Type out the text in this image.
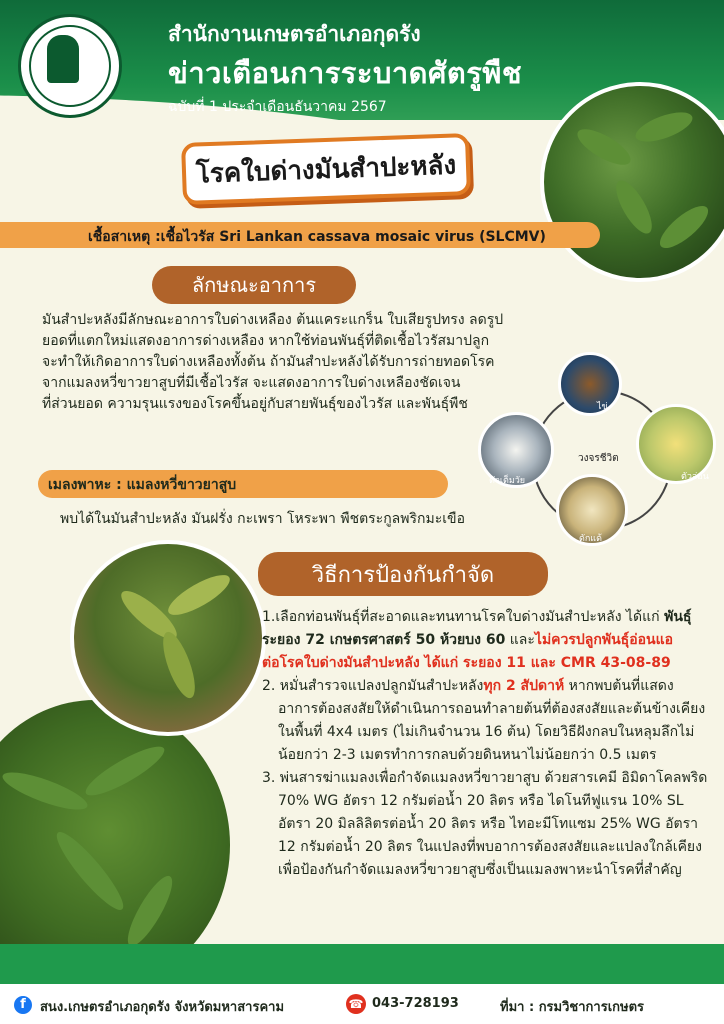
สำนักงานเกษตรอำเภอกุดรัง
ข่าวเตือนการระบาดศัตรูพืช
ฉบับที่ 1 ประจำเดือนธันวาคม 2567
โรคใบด่างมันสำปะหลัง
เชื้อสาเหตุ :เชื้อไวรัส Sri Lankan cassava mosaic virus (SLCMV)
ลักษณะอาการ
มันสำปะหลังมีลักษณะอาการใบด่างเหลือง ต้นแคระแกร็น ใบเสียรูปทรง ลดรูป
ยอดที่แตกใหม่แสดงอาการด่างเหลือง หากใช้ท่อนพันธุ์ที่ติดเชื้อไวรัสมาปลูก
จะทำให้เกิดอาการใบด่างเหลืองทั้งต้น ถ้ามันสำปะหลังได้รับการถ่ายทอดโรค
จากแมลงหวี่ขาวยาสูบที่มีเชื้อไวรัส จะแสดงอาการใบด่างเหลืองชัดเจน
ที่ส่วนยอด ความรุนแรงของโรคขึ้นอยู่กับสายพันธุ์ของไวรัส และพันธุ์พืช	ไข่
ตัวอ่อน
ดักแด้
ตัวเต็มวัย
วงจรชีวิต
เมลงพาหะ : แมลงหวี่ขาวยาสูบ
พบได้ในมันสำปะหลัง มันฝรั่ง กะเพรา โหระพา พืชตระกูลพริกมะเขือ
วิธีการป้องกันกำจัด
1.เลือกท่อนพันธุ์ที่สะอาดและทนทานโรคใบด่างมันสำปะหลัง ได้แก่ พันธุ์
ระยอง 72 เกษตรศาสตร์ 50 ห้วยบง 60 และไม่ควรปลูกพันธุ์อ่อนแอ
ต่อโรคใบด่างมันสำปะหลัง ได้แก่ ระยอง 11 และ CMR 43-08-89
2. หมั่นสำรวจแปลงปลูกมันสำปะหลังทุก 2 สัปดาห์ หากพบต้นที่แสดง
อาการต้องสงสัยให้ดำเนินการถอนทำลายต้นที่ต้องสงสัยและต้นข้างเคียง
ในพื้นที่ 4x4 เมตร (ไม่เกินจำนวน 16 ต้น) โดยวิธีฝังกลบในหลุมลึกไม่
น้อยกว่า 2-3 เมตรทำการกลบด้วยดินหนาไม่น้อยกว่า 0.5 เมตร
3. พ่นสารฆ่าแมลงเพื่อกำจัดแมลงหวี่ขาวยาสูบ ด้วยสารเคมี อิมิดาโคลพริด
70% WG อัตรา 12 กรัมต่อน้ำ 20 ลิตร หรือ ไดโนทีฟูแรน 10% SL
อัตรา 20 มิลลิลิตรต่อน้ำ 20 ลิตร หรือ ไทอะมีโทแซม 25% WG อัตรา
12 กรัมต่อน้ำ 20 ลิตร ในแปลงที่พบอาการต้องสงสัยและแปลงใกล้เคียง
เพื่อป้องกันกำจัดแมลงหวี่ขาวยาสูบซึ่งเป็นแมลงพาหะนำโรคที่สำคัญ
f	สนง.เกษตรอำเภอกุดรัง จังหวัดมหาสารคาม	☎ 043-728193	ที่มา : กรมวิชาการเกษตร
